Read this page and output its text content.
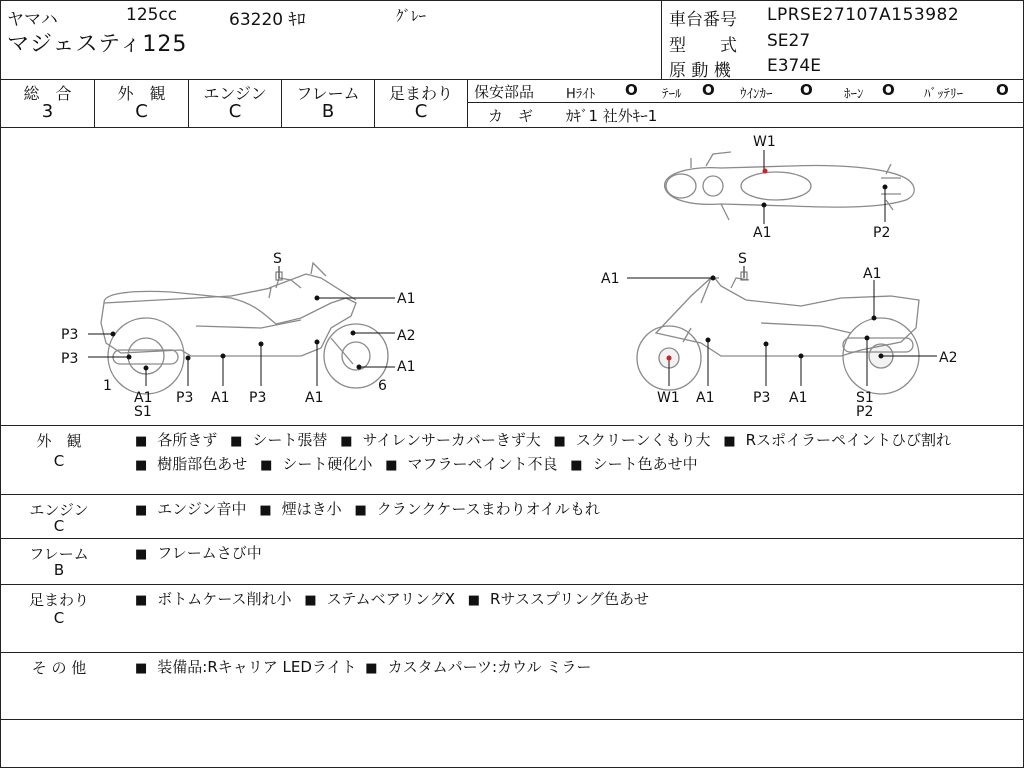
ヤマハ	125cc	63220 ｷﾛ	ｸﾞﾚｰ
マジェスティ125
車台番号 LPRSE27107A153982
型　　式 SE27
原 動 機 E374E
総　合
3
外　観
C
エンジン
C
フレーム
B
足まわり
C
保安部品 Hﾗｲﾄ O ﾃｰﾙ O ｳｲﾝｶｰ O ﾎｰﾝ O ﾊﾞｯﾃﾘｰ O
カ　ギ ｶｷﾞ1 社外ｷｰ1
W1
A1	P2
S
A1
A2
A1
P3
P3
1	6
A1
S1
P3 A1 P3	A1
A1
S
A1
A2
W1 A1	P3 A1	S1
P2
外　観
C
■ 各所きず ■ シート張替 ■ サイレンサーカバーきず大 ■ スクリーンくもり大 ■ Rスポイラーペイントひび割れ ■ 樹脂部色あせ ■ シート硬化小 ■ マフラーペイント不良 ■ シート色あせ中
エンジン
C
■ エンジン音中 ■ 煙はき小 ■ クランクケースまわりオイルもれ
フレーム
B
■ フレームさび中
足まわり
C
■ ボトムケース削れ小 ■ ステムベアリングX ■ Rサススプリング色あせ
そ の 他	■ 装備品:Rキャリア LEDライト ■ カスタムパーツ:カウル ミラー
